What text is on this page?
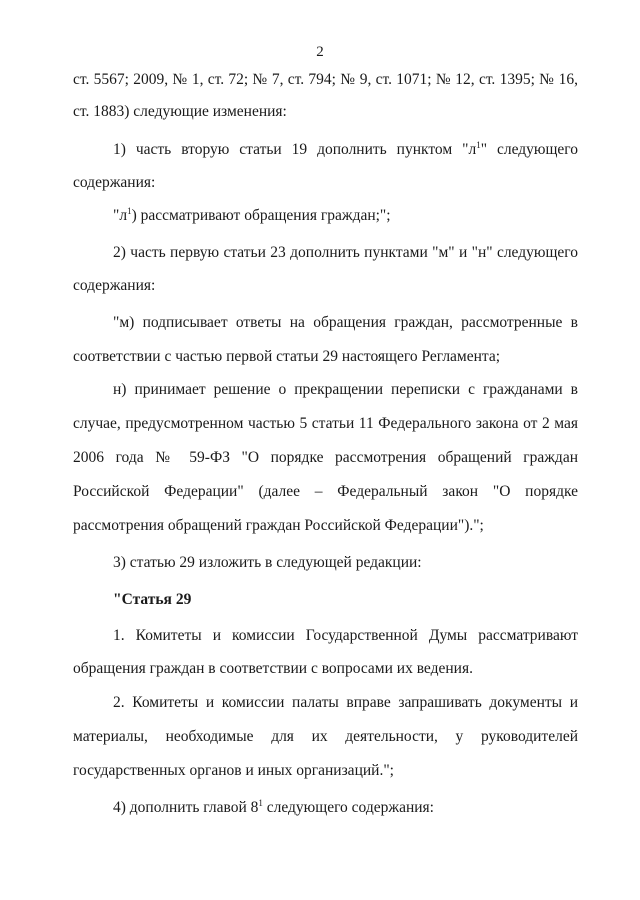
2
ст. 5567; 2009, № 1, ст. 72; № 7, ст. 794; № 9, ст. 1071; № 12, ст. 1395; № 16,
ст. 1883) следующие изменения:
1) часть вторую статьи 19 дополнить пунктом "$л^1$" следующего
содержания:
"$л^1$) рассматривают обращения граждан;";
2) часть первую статьи 23 дополнить пунктами "м" и "н" следующего
содержания:
"м) подписывает ответы на обращения граждан, рассмотренные в
соответствии с частью первой статьи 29 настоящего Регламента;
н) принимает решение о прекращении переписки с гражданами в
случае, предусмотренном частью 5 статьи 11 Федерального закона от 2 мая
2006 года № 59-ФЗ "О порядке рассмотрения обращений граждан
Российской Федерации" (далее – Федеральный закон "О порядке
рассмотрения обращений граждан Российской Федерации").";
3) статью 29 изложить в следующей редакции:
"Статья 29
1. Комитеты и комиссии Государственной Думы рассматривают
обращения граждан в соответствии с вопросами их ведения.
2. Комитеты и комиссии палаты вправе запрашивать документы и
материалы, необходимые для их деятельности, у руководителей
государственных органов и иных организаций.";
4) дополнить главой $8^1$ следующего содержания:
